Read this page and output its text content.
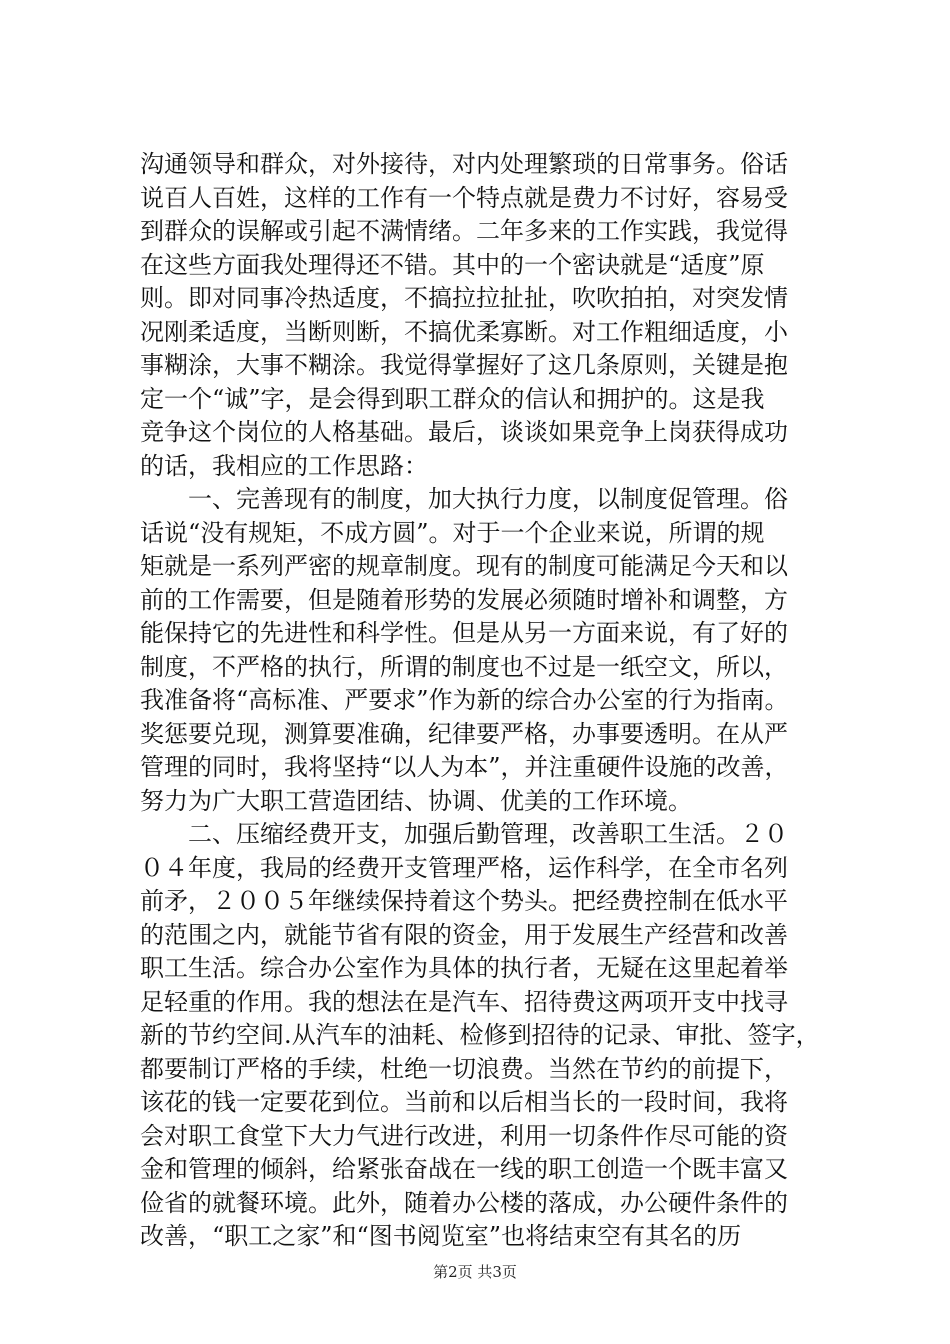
沟通领导和群众，对外接待，对内处理繁琐的日常事务。俗话
说百人百姓，这样的工作有一个特点就是费力不讨好，容易受
到群众的误解或引起不满情绪。二年多来的工作实践，我觉得
在这些方面我处理得还不错。其中的一个密诀就是“适度”原
则。即对同事冷热适度，不搞拉拉扯扯，吹吹拍拍，对突发情
况刚柔适度，当断则断，不搞优柔寡断。对工作粗细适度，小
事糊涂，大事不糊涂。我觉得掌握好了这几条原则，关键是抱
定一个“诚”字，是会得到职工群众的信认和拥护的。这是我
竞争这个岗位的人格基础。最后，谈谈如果竞争上岗获得成功
的话，我相应的工作思路：
　　一、完善现有的制度，加大执行力度，以制度促管理。俗
话说“没有规矩，不成方圆”。对于一个企业来说，所谓的规
矩就是一系列严密的规章制度。现有的制度可能满足今天和以
前的工作需要，但是随着形势的发展必须随时增补和调整，方
能保持它的先进性和科学性。但是从另一方面来说，有了好的
制度，不严格的执行，所谓的制度也不过是一纸空文，所以，
我准备将“高标准、严要求”作为新的综合办公室的行为指南。
奖惩要兑现，测算要准确，纪律要严格，办事要透明。在从严
管理的同时，我将坚持“以人为本”，并注重硬件设施的改善，
努力为广大职工营造团结、协调、优美的工作环境。
　　二、压缩经费开支，加强后勤管理，改善职工生活。２０
０４年度，我局的经费开支管理严格，运作科学，在全市名列
前矛，２００５年继续保持着这个势头。把经费控制在低水平
的范围之内，就能节省有限的资金，用于发展生产经营和改善
职工生活。综合办公室作为具体的执行者，无疑在这里起着举
足轻重的作用。我的想法在是汽车、招待费这两项开支中找寻
新的节约空间.从汽车的油耗、检修到招待的记录、审批、签字，
都要制订严格的手续，杜绝一切浪费。当然在节约的前提下，
该花的钱一定要花到位。当前和以后相当长的一段时间，我将
会对职工食堂下大力气进行改进，利用一切条件作尽可能的资
金和管理的倾斜，给紧张奋战在一线的职工创造一个既丰富又
俭省的就餐环境。此外，随着办公楼的落成，办公硬件条件的
改善，“职工之家”和“图书阅览室”也将结束空有其名的历
第2页 共3页
